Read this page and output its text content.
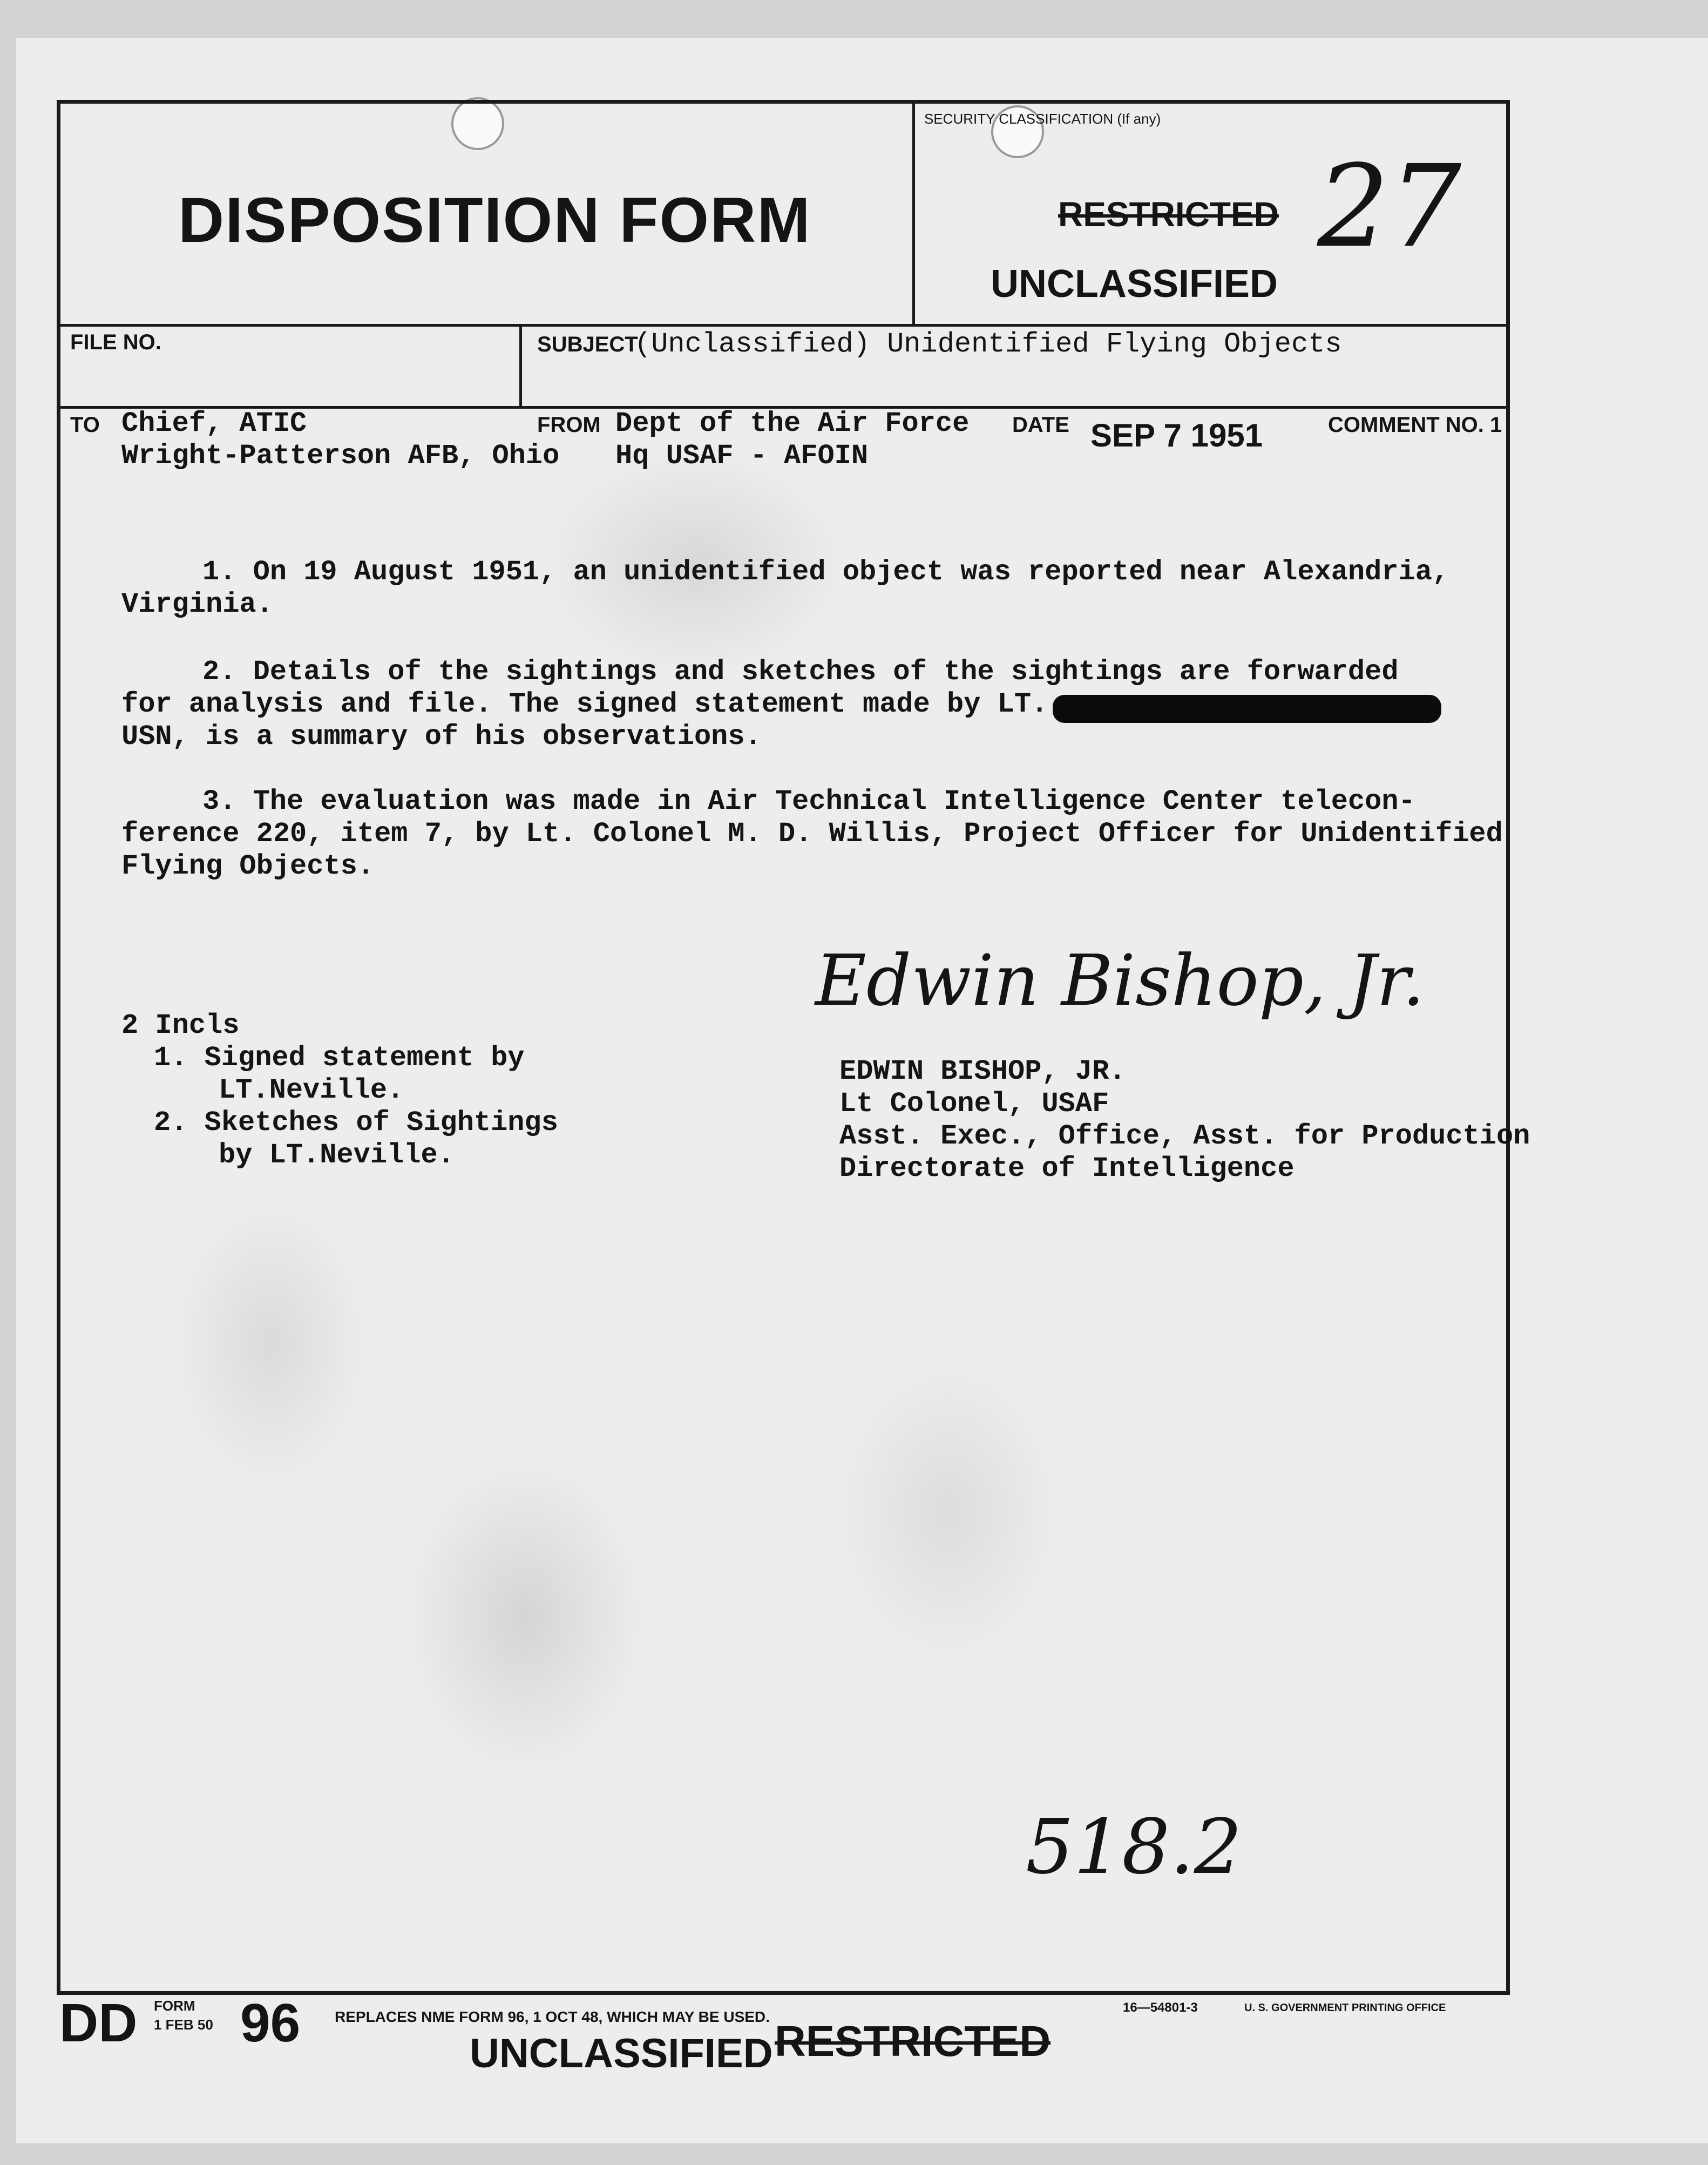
DISPOSITION FORM
SECURITY CLASSIFICATION (If any)
RESTRICTED
UNCLASSIFIED
27
FILE NO.	SUBJECT
(Unclassified) Unidentified Flying Objects
TO Chief, ATIC
Wright-Patterson AFB, Ohio
FROM Dept of the Air Force
Hq USAF - AFOIN
DATE SEP 7 1951	COMMENT NO. 1
1. On 19 August 1951, an unidentified object was reported near Alexandria,
Virginia.
2. Details of the sightings and sketches of the sightings are forwarded
for analysis and file. The signed statement made by LT.
USN, is a summary of his observations.
3. The evaluation was made in Air Technical Intelligence Center telecon-
ference 220, item 7, by Lt. Colonel M. D. Willis, Project Officer for Unidentified
Flying Objects.
2 Incls
1. Signed statement by
LT.Neville.
2. Sketches of Sightings
by LT.Neville.
Edwin Bishop, Jr.
EDWIN BISHOP, JR.
Lt Colonel, USAF
Asst. Exec., Office, Asst. for Production
Directorate of Intelligence
518.2
DD FORM
1 FEB 50 96 REPLACES NME FORM 96, 1 OCT 48, WHICH MAY BE USED.
UNCLASSIFIED RESTRICTED
16—54801-3	U. S. GOVERNMENT PRINTING OFFICE
